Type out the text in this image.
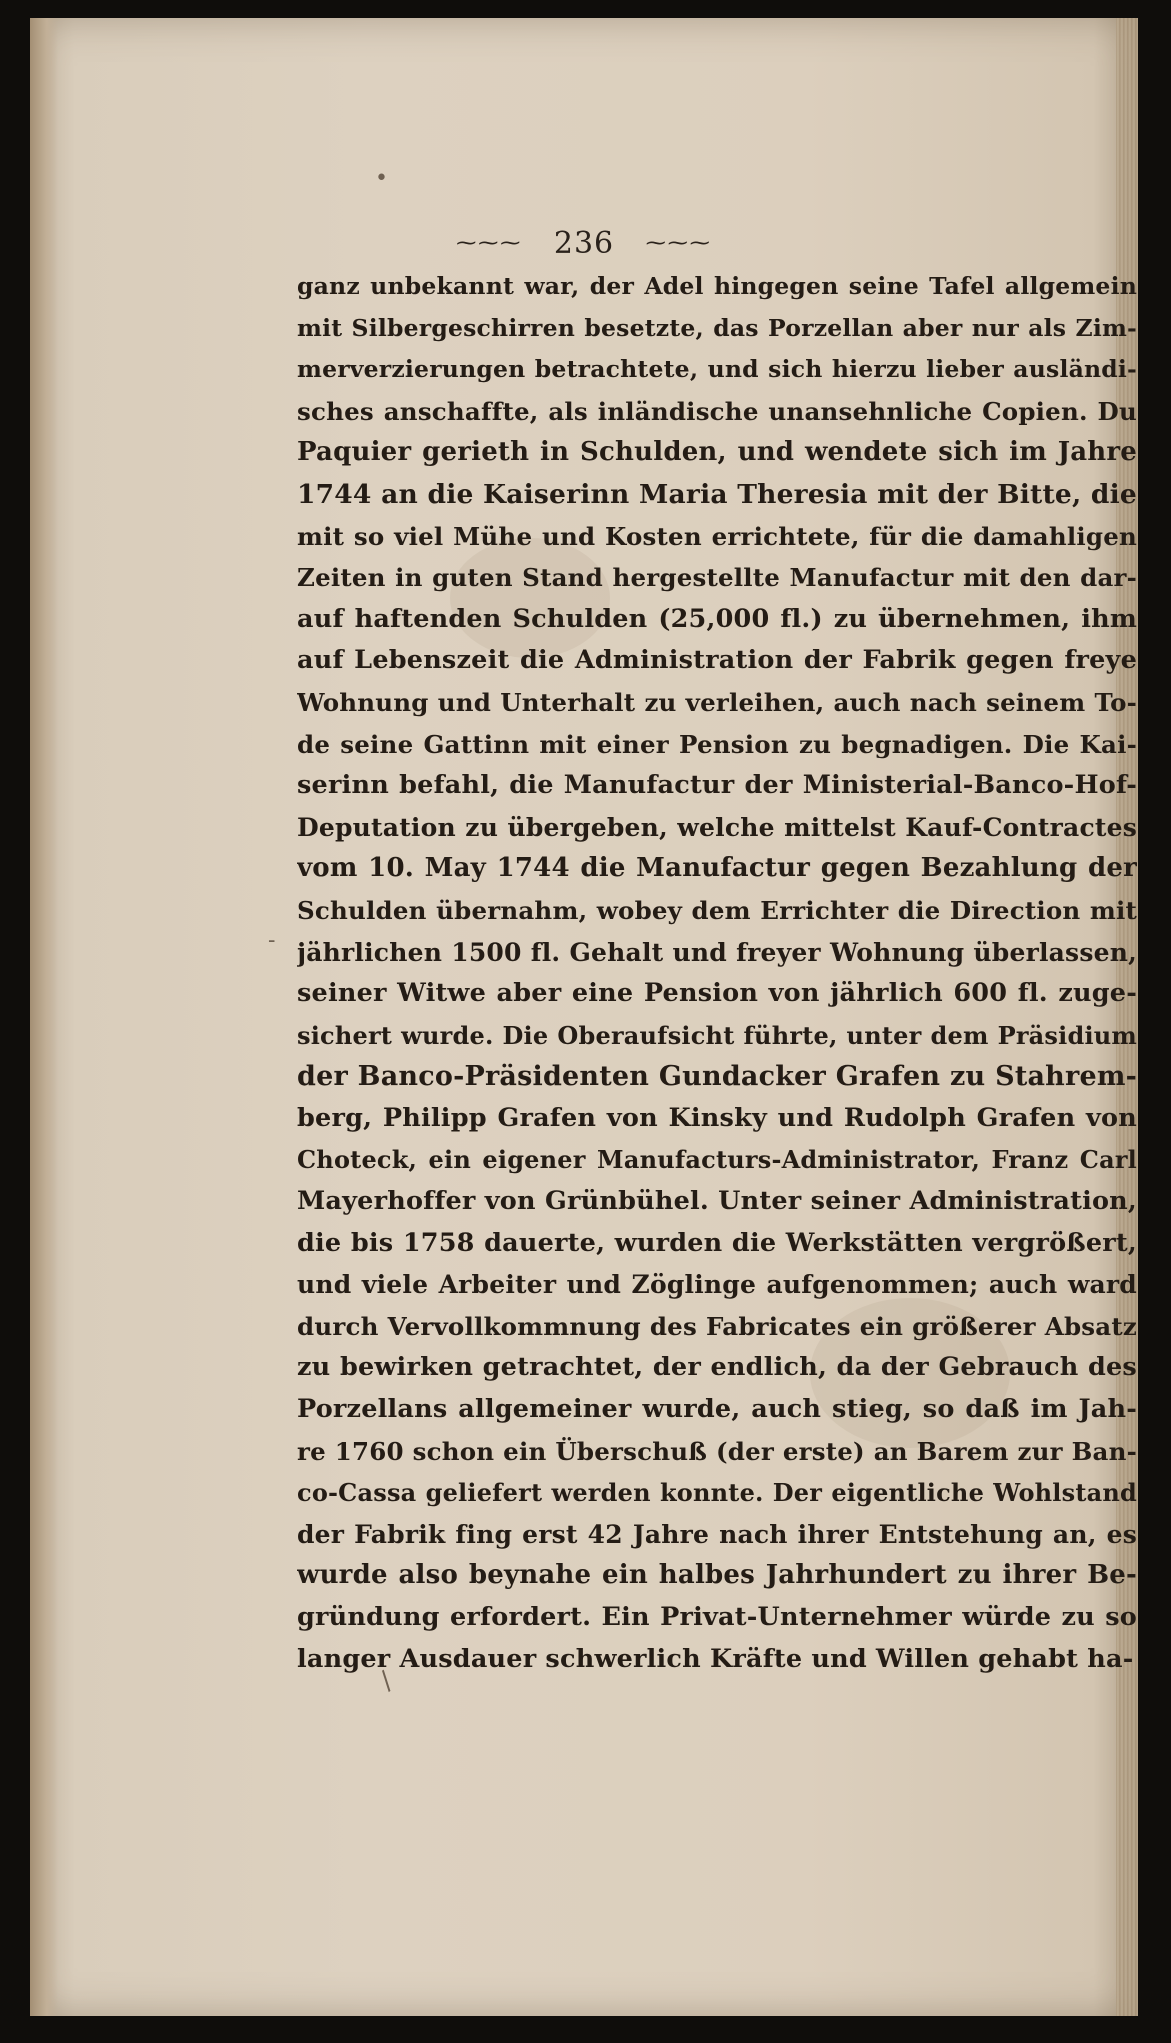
•
-
/
⁓⁓⁓ 236 ⁓⁓⁓
ganz unbekannt war, der Adel hingegen seine Tafel allgemein
mit Silbergeschirren besetzte, das Porzellan aber nur als Zim-
merverzierungen betrachtete, und sich hierzu lieber ausländi-
sches anschaffte, als inländische unansehnliche Copien. Du
Paquier gerieth in Schulden, und wendete sich im Jahre
1744 an die Kaiserinn Maria Theresia mit der Bitte, die
mit so viel Mühe und Kosten errichtete, für die damahligen
Zeiten in guten Stand hergestellte Manufactur mit den dar-
auf haftenden Schulden (25,000 fl.) zu übernehmen, ihm
auf Lebenszeit die Administration der Fabrik gegen freye
Wohnung und Unterhalt zu verleihen, auch nach seinem To-
de seine Gattinn mit einer Pension zu begnadigen. Die Kai-
serinn befahl, die Manufactur der Ministerial-Banco-Hof-
Deputation zu übergeben, welche mittelst Kauf-Contractes
vom 10. May 1744 die Manufactur gegen Bezahlung der
Schulden übernahm, wobey dem Errichter die Direction mit
jährlichen 1500 fl. Gehalt und freyer Wohnung überlassen,
seiner Witwe aber eine Pension von jährlich 600 fl. zuge-
sichert wurde. Die Oberaufsicht führte, unter dem Präsidium
der Banco-Präsidenten Gundacker Grafen zu Stahrem-
berg, Philipp Grafen von Kinsky und Rudolph Grafen von
Choteck, ein eigener Manufacturs-Administrator, Franz Carl
Mayerhoffer von Grünbühel. Unter seiner Administration,
die bis 1758 dauerte, wurden die Werkstätten vergrößert,
und viele Arbeiter und Zöglinge aufgenommen; auch ward
durch Vervollkommnung des Fabricates ein größerer Absatz
zu bewirken getrachtet, der endlich, da der Gebrauch des
Porzellans allgemeiner wurde, auch stieg, so daß im Jah-
re 1760 schon ein Überschuß (der erste) an Barem zur Ban-
co-Cassa geliefert werden konnte. Der eigentliche Wohlstand
der Fabrik fing erst 42 Jahre nach ihrer Entstehung an, es
wurde also beynahe ein halbes Jahrhundert zu ihrer Be-
gründung erfordert. Ein Privat-Unternehmer würde zu so
langer Ausdauer schwerlich Kräfte und Willen gehabt ha-
